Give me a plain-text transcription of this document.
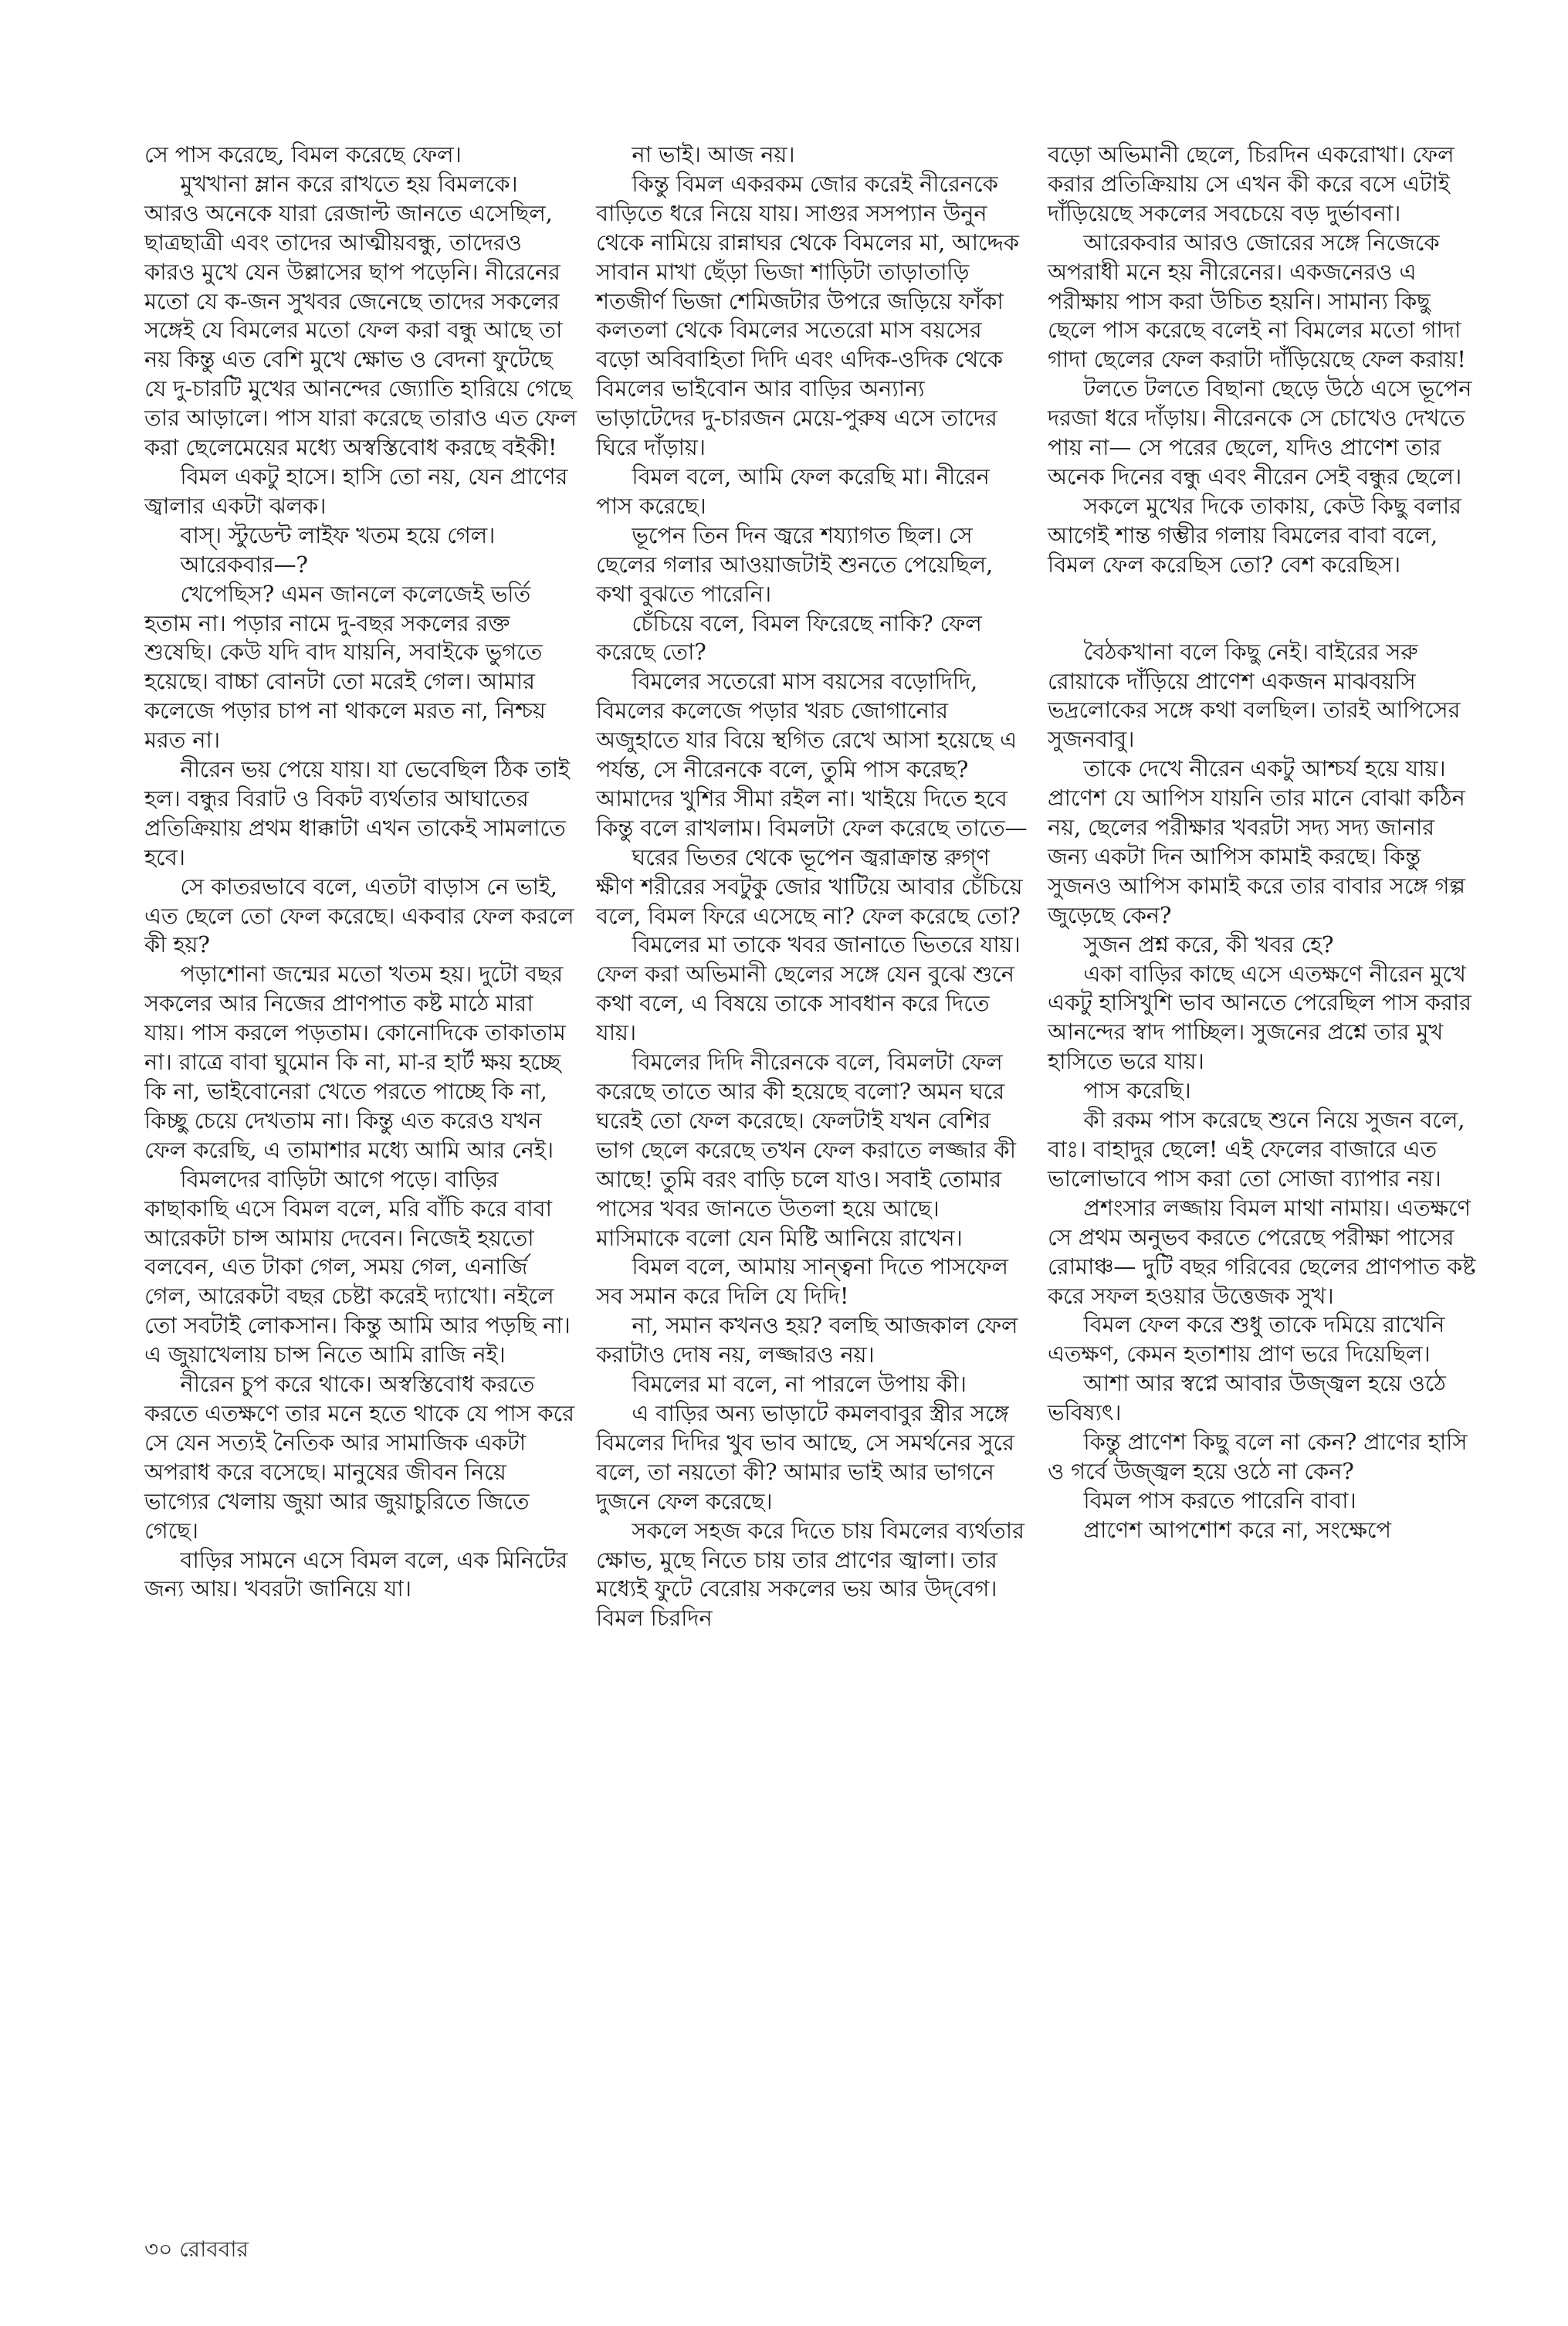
সে পাস করেছে, বিমল করেছে ফেল।

মুখখানা ম্লান করে রাখতে হয় বিমলকে। আরও অনেকে যারা রেজাল্ট জানতে এসেছিল, ছাত্রছাত্রী এবং তাদের আত্মীয়বন্ধু, তাদেরও কারও মুখে যেন উল্লাসের ছাপ পড়েনি। নীরেনের মতো যে ক-জন সুখবর জেনেছে তাদের সকলের সঙ্গেই যে বিমলের মতো ফেল করা বন্ধু আছে তা নয় কিন্তু এত বেশি মুখে ক্ষোভ ও বেদনা ফুটেছে যে দু-চারটি মুখের আনন্দের জ্যোতি হারিয়ে গেছে তার আড়ালে। পাস যারা করেছে তারাও এত ফেল করা ছেলেমেয়ের মধ্যে অস্বস্তিবোধ করছে বইকী!

বিমল একটু হাসে। হাসি তো নয়, যেন প্রাণের জ্বালার একটা ঝলক।

বাস্‌। স্টুডেন্ট লাইফ খতম হয়ে গেল।

আরেকবার—?

খেপেছিস? এমন জানলে কলেজেই ভর্তি হতাম না। পড়ার নামে দু-বছর সকলের রক্ত শুষেছি। কেউ যদি বাদ যায়নি, সবাইকে ভুগতে হয়েছে। বাচ্চা বোনটা তো মরেই গেল। আমার কলেজে পড়ার চাপ না থাকলে মরত না, নিশ্চয় মরত না।

নীরেন ভয় পেয়ে যায়। যা ভেবেছিল ঠিক তাই হল। বন্ধুর বিরাট ও বিকট ব্যর্থতার আঘাতের প্রতিক্রিয়ায় প্রথম ধাক্কাটা এখন তাকেই সামলাতে হবে।

সে কাতরভাবে বলে, এতটা বাড়াস নে ভাই, এত ছেলে তো ফেল করেছে। একবার ফেল করলে কী হয়?

পড়াশোনা জন্মের মতো খতম হয়। দুটো বছর সকলের আর নিজের প্রাণপাত কষ্ট মাঠে মারা যায়। পাস করলে পড়তাম। কোনোদিকে তাকাতাম না। রাত্রে বাবা ঘুমোন কি না, মা-র হার্ট ক্ষয় হচ্ছে কি না, ভাইবোনেরা খেতে পরতে পাচ্ছে কি না, কিচ্ছু চেয়ে দেখতাম না। কিন্তু এত করেও যখন ফেল করেছি, এ তামাশার মধ্যে আমি আর নেই।

বিমলদের বাড়িটা আগে পড়ে। বাড়ির কাছাকাছি এসে বিমল বলে, মরি বাঁচি করে বাবা আরেকটা চান্স আমায় দেবেন। নিজেই হয়তো বলবেন, এত টাকা গেল, সময় গেল, এনার্জি গেল, আরেকটা বছর চেষ্টা করেই দ্যাখো। নইলে তো সবটাই লোকসান। কিন্তু আমি আর পড়ছি না। এ জুয়াখেলায় চান্স নিতে আমি রাজি নই।

নীরেন চুপ করে থাকে। অস্বস্তিবোধ করতে করতে এতক্ষণে তার মনে হতে থাকে যে পাস করে সে যেন সত্যই নৈতিক আর সামাজিক একটা অপরাধ করে বসেছে। মানুষের জীবন নিয়ে ভাগ্যের খেলায় জুয়া আর জুয়াচুরিতে জিতে গেছে।

বাড়ির সামনে এসে বিমল বলে, এক মিনিটের জন্য আয়। খবরটা জানিয়ে যা।

না ভাই। আজ নয়।

কিন্তু বিমল একরকম জোর করেই নীরেনকে বাড়িতে ধরে নিয়ে যায়। সাগুর সসপ্যান উনুন থেকে নামিয়ে রান্নাঘর থেকে বিমলের মা, আদ্দেক সাবান মাখা ছেঁড়া ভিজা শাড়িটা তাড়াতাড়ি শতজীর্ণ ভিজা শেমিজটার উপরে জড়িয়ে ফাঁকা কলতলা থেকে বিমলের সতেরো মাস বয়সের বড়ো অবিবাহিতা দিদি এবং এদিক-ওদিক থেকে বিমলের ভাইবোন আর বাড়ির অন্যান্য ভাড়াটেদের দু-চারজন মেয়ে-পুরুষ এসে তাদের ঘিরে দাঁড়ায়।

বিমল বলে, আমি ফেল করেছি মা। নীরেন পাস করেছে।

ভূপেন তিন দিন জ্বরে শয্যাগত ছিল। সে ছেলের গলার আওয়াজটাই শুনতে পেয়েছিল, কথা বুঝতে পারেনি।

চেঁচিয়ে বলে, বিমল ফিরেছে নাকি? ফেল করেছে তো?

বিমলের সতেরো মাস বয়সের বড়োদিদি, বিমলের কলেজে পড়ার খরচ জোগানোর অজুহাতে যার বিয়ে স্থগিত রেখে আসা হয়েছে এ পর্যন্ত, সে নীরেনকে বলে, তুমি পাস করেছ? আমাদের খুশির সীমা রইল না। খাইয়ে দিতে হবে কিন্তু বলে রাখলাম। বিমলটা ফেল করেছে তাতে—

ঘরের ভিতর থেকে ভূপেন জ্বরাক্রান্ত রুগ্‌ণ ক্ষীণ শরীরের সবটুকু জোর খাটিয়ে আবার চেঁচিয়ে বলে, বিমল ফিরে এসেছে না? ফেল করেছে তো?

বিমলের মা তাকে খবর জানাতে ভিতরে যায়। ফেল করা অভিমানী ছেলের সঙ্গে যেন বুঝে শুনে কথা বলে, এ বিষয়ে তাকে সাবধান করে দিতে যায়।

বিমলের দিদি নীরেনকে বলে, বিমলটা ফেল করেছে তাতে আর কী হয়েছে বলো? অমন ঘরে ঘরেই তো ফেল করেছে। ফেলটাই যখন বেশির ভাগ ছেলে করেছে তখন ফেল করাতে লজ্জার কী আছে! তুমি বরং বাড়ি চলে যাও। সবাই তোমার পাসের খবর জানতে উতলা হয়ে আছে। মাসিমাকে বলো যেন মিষ্টি আনিয়ে রাখেন।

বিমল বলে, আমায় সান্ত্বনা দিতে পাসফেল সব সমান করে দিলি যে দিদি!

না, সমান কখনও হয়? বলছি আজকাল ফেল করাটাও দোষ নয়, লজ্জারও নয়।

বিমলের মা বলে, না পারলে উপায় কী।

এ বাড়ির অন্য ভাড়াটে কমলবাবুর স্ত্রীর সঙ্গে বিমলের দিদির খুব ভাব আছে, সে সমর্থনের সুরে বলে, তা নয়তো কী? আমার ভাই আর ভাগনে দুজনে ফেল করেছে।

সকলে সহজ করে দিতে চায় বিমলের ব্যর্থতার ক্ষোভ, মুছে নিতে চায় তার প্রাণের জ্বালা। তার মধ্যেই ফুটে বেরোয় সকলের ভয় আর উদ্‌বেগ। বিমল চিরদিন

বড়ো অভিমানী ছেলে, চিরদিন একরোখা। ফেল করার প্রতিক্রিয়ায় সে এখন কী করে বসে এটাই দাঁড়িয়েছে সকলের সবচেয়ে বড় দুর্ভাবনা।

আরেকবার আরও জোরের সঙ্গে নিজেকে অপরাধী মনে হয় নীরেনের। একজনেরও এ পরীক্ষায় পাস করা উচিত হয়নি। সামান্য কিছু ছেলে পাস করেছে বলেই না বিমলের মতো গাদা গাদা ছেলের ফেল করাটা দাঁড়িয়েছে ফেল করায়!

টলতে টলতে বিছানা ছেড়ে উঠে এসে ভূপেন দরজা ধরে দাঁড়ায়। নীরেনকে সে চোখেও দেখতে পায় না— সে পরের ছেলে, যদিও প্রাণেশ তার অনেক দিনের বন্ধু এবং নীরেন সেই বন্ধুর ছেলে।

সকলে মুখের দিকে তাকায়, কেউ কিছু বলার আগেই শান্ত গম্ভীর গলায় বিমলের বাবা বলে, বিমল ফেল করেছিস তো? বেশ করেছিস।

বৈঠকখানা বলে কিছু নেই। বাইরের সরু রোয়াকে দাঁড়িয়ে প্রাণেশ একজন মাঝবয়সি ভদ্রলোকের সঙ্গে কথা বলছিল। তারই আপিসের সুজনবাবু।

তাকে দেখে নীরেন একটু আশ্চর্য হয়ে যায়। প্রাণেশ যে আপিস যায়নি তার মানে বোঝা কঠিন নয়, ছেলের পরীক্ষার খবরটা সদ্য সদ্য জানার জন্য একটা দিন আপিস কামাই করছে। কিন্তু সুজনও আপিস কামাই করে তার বাবার সঙ্গে গল্প জুড়েছে কেন?

সুজন প্রশ্ন করে, কী খবর হে?

একা বাড়ির কাছে এসে এতক্ষণে নীরেন মুখে একটু হাসিখুশি ভাব আনতে পেরেছিল পাস করার আনন্দের স্বাদ পাচ্ছিল। সুজনের প্রশ্নে তার মুখ হাসিতে ভরে যায়।

পাস করেছি।

কী রকম পাস করেছে শুনে নিয়ে সুজন বলে, বাঃ। বাহাদুর ছেলে! এই ফেলের বাজারে এত ভালোভাবে পাস করা তো সোজা ব্যাপার নয়।

প্রশংসার লজ্জায় বিমল মাথা নামায়। এতক্ষণে সে প্রথম অনুভব করতে পেরেছে পরীক্ষা পাসের রোমাঞ্চ— দুটি বছর গরিবের ছেলের প্রাণপাত কষ্ট করে সফল হওয়ার উত্তেজক সুখ।

বিমল ফেল করে শুধু তাকে দমিয়ে রাখেনি এতক্ষণ, কেমন হতাশায় প্রাণ ভরে দিয়েছিল।

আশা আর স্বপ্নে আবার উজ্জ্বল হয়ে ওঠে ভবিষ্যৎ।

কিন্তু প্রাণেশ কিছু বলে না কেন? প্রাণের হাসি ও গর্বে উজ্জ্বল হয়ে ওঠে না কেন?

বিমল পাস করতে পারেনি বাবা।

প্রাণেশ আপশোশ করে না, সংক্ষেপে

৩০ রোববার
